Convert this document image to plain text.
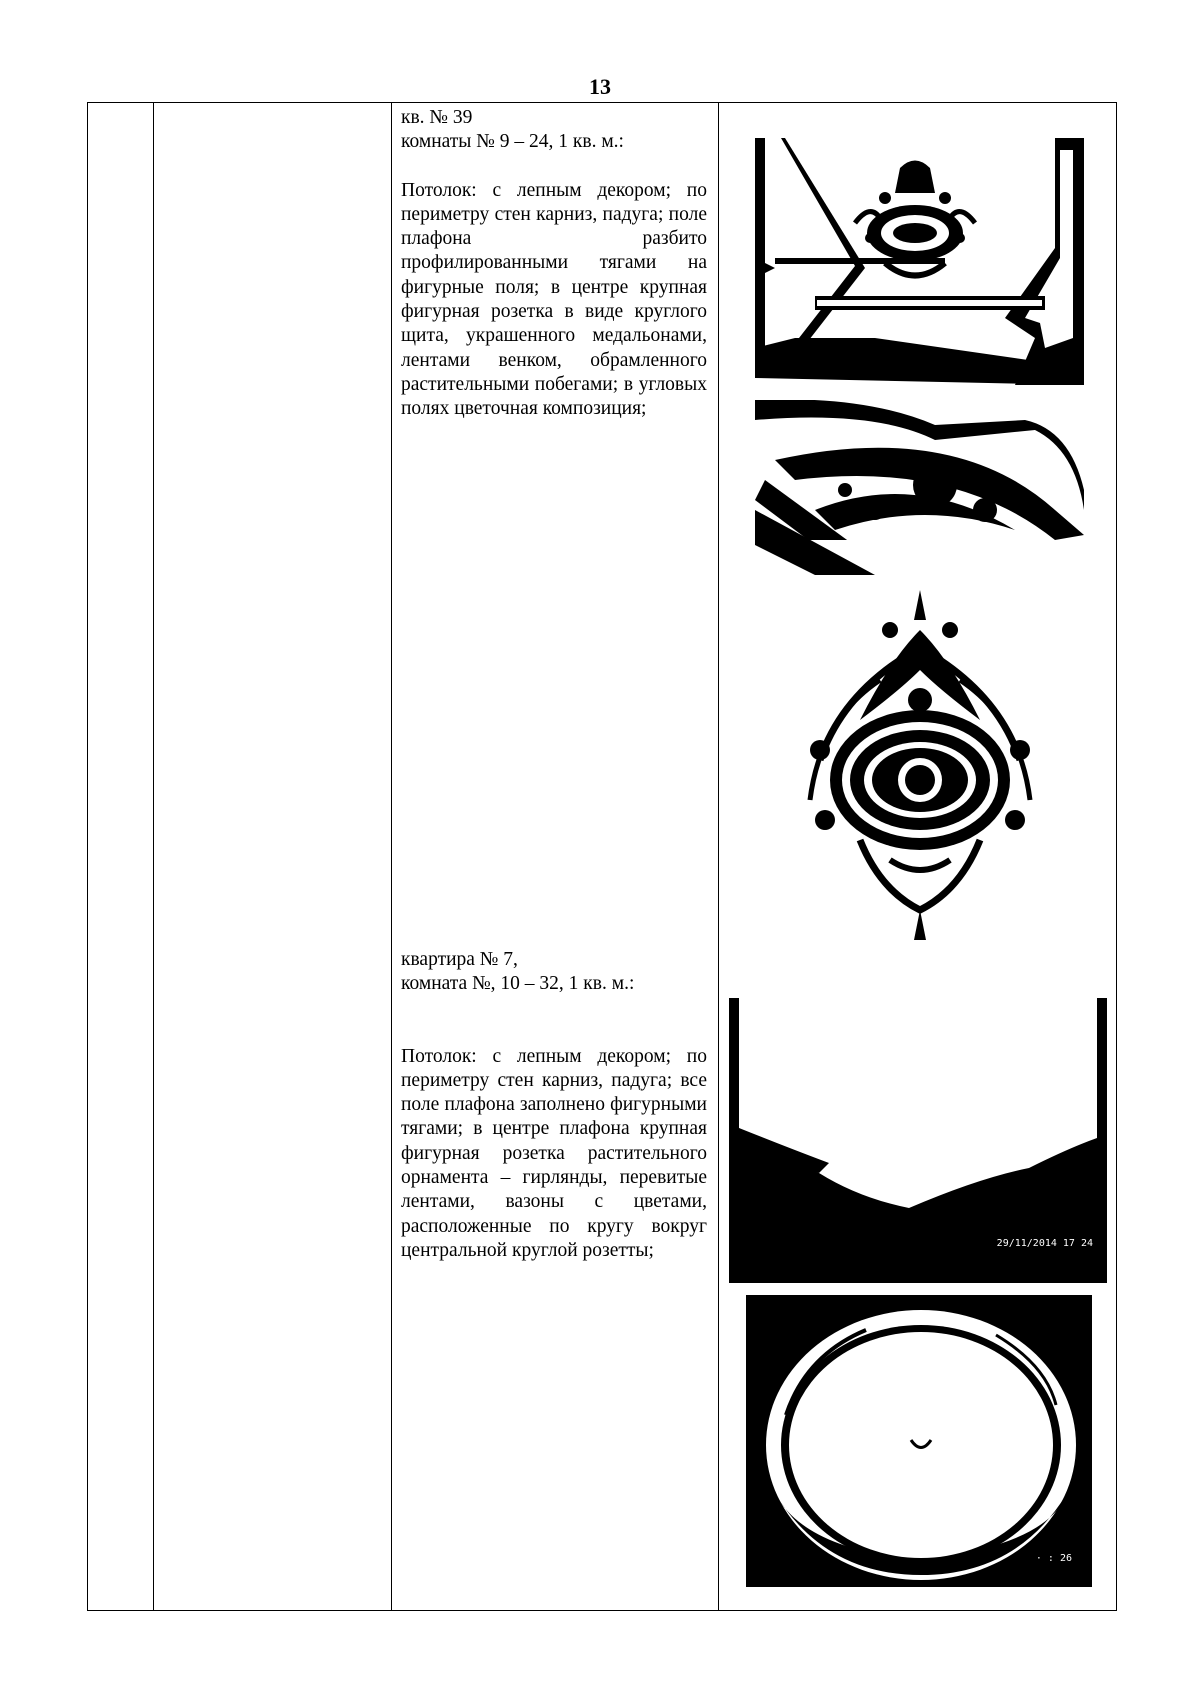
13

кв. № 39

комнаты № 9 – 24, 1 кв. м.:

Потолок: с лепным декором; по периметру стен карниз, падуга; поле плафона разбито профилированными тягами на фигурные поля; в центре крупная фигурная розетка в виде круглого щита, украшенного медальонами, лентами венком, обрамленного растительными побегами; в угловых полях цветочная композиция;

квартира № 7,

комната №, 10 – 32, 1 кв. м.:

Потолок: с лепным декором; по периметру стен карниз, падуга; все поле плафона заполнено фигурными тягами; в центре плафона крупная фигурная розетка растительного орнамента – гирлянды, перевитые лентами, вазоны с цветами, расположенные по кругу вокруг центральной круглой розетты;	29/11/2014 17 24
· : 26
